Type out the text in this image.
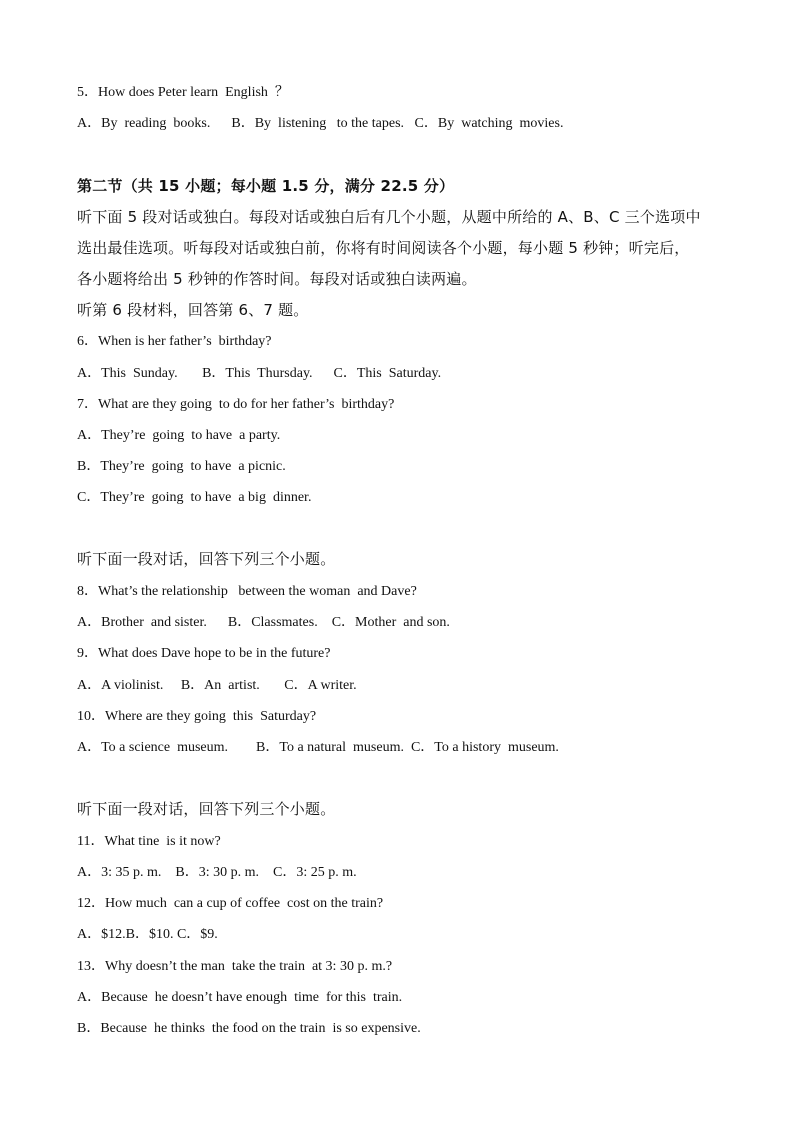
5．How does Peter learn  English  ？
A．By  reading  books.      B．By  listening   to the tapes.   C．By  watching  movies.
第二节（共 15 小题；每小题 1.5 分，满分 22.5 分）
听下面 5 段对话或独白。每段对话或独白后有几个小题，从题中所给的 A、B、C 三个选项中
选出最佳选项。听每段对话或独白前，你将有时间阅读各个小题，每小题 5 秒钟；听完后，
各小题将给出 5 秒钟的作答时间。每段对话或独白读两遍。
听第 6 段材料，回答第 6、7 题。
6．When is her father’s  birthday?
A．This  Sunday.       B．This  Thursday.      C．This  Saturday.
7．What are they going  to do for her father’s  birthday?
A．They’re  going  to have  a party.
B．They’re  going  to have  a picnic.
C．They’re  going  to have  a big  dinner.
听下面一段对话，回答下列三个小题。
8．What’s the relationship   between the woman  and Dave?
A．Brother  and sister.      B．Classmates.    C．Mother  and son.
9．What does Dave hope to be in the future?
A．A violinist.     B．An  artist.       C．A writer.
10．Where are they going  this  Saturday?
A．To a science  museum.        B．To a natural  museum.  C．To a history  museum.
听下面一段对话，回答下列三个小题。
11．What tine  is it now?
A．3: 35 p. m.    B．3: 30 p. m.    C．3: 25 p. m.
12．How much  can a cup of coffee  cost on the train?
A．$12.B．$10. C．$9.
13．Why doesn’t the man  take the train  at 3: 30 p. m.?
A．Because  he doesn’t have enough  time  for this  train.
B．Because  he thinks  the food on the train  is so expensive.
